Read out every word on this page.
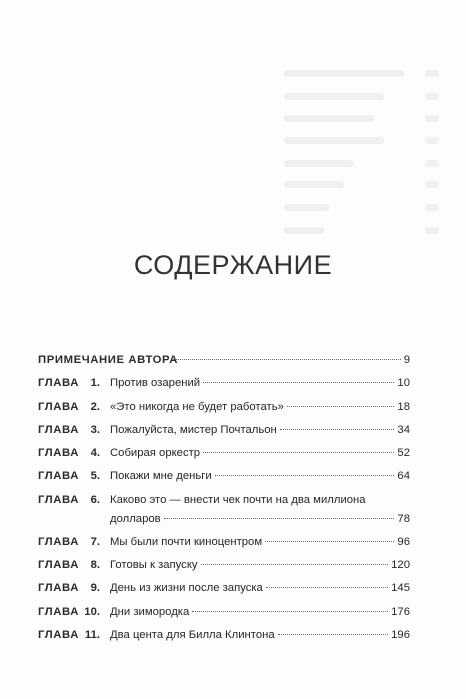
СОДЕРЖАНИЕ
ПРИМЕЧАНИЕ АВТОРА	9
ГЛАВА 1. Против озарений	10
ГЛАВА 2. «Это никогда не будет работать»	18
ГЛАВА 3. Пожалуйста, мистер Почтальон	34
ГЛАВА 4. Собирая оркестр	52
ГЛАВА 5. Покажи мне деньги	64
ГЛАВА 6. Каково это — внести чек почти на два миллиона
долларов	78
ГЛАВА 7. Мы были почти киноцентром	96
ГЛАВА 8. Готовы к запуску	120
ГЛАВА 9. День из жизни после запуска	145
ГЛАВА 10. Дни зимородка	176
ГЛАВА 11. Два цента для Билла Клинтона	196
